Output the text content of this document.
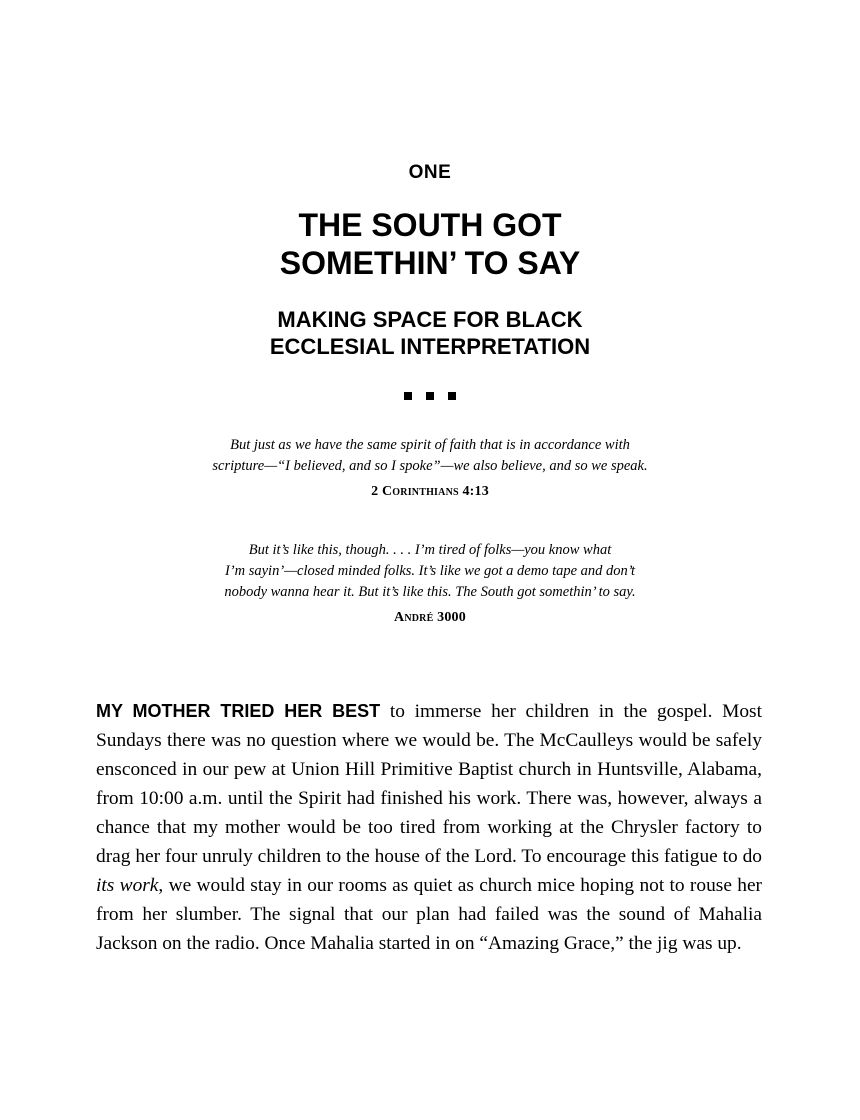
ONE
THE SOUTH GOT
SOMETHIN’ TO SAY
MAKING SPACE FOR BLACK
ECCLESIAL INTERPRETATION
But just as we have the same spirit of faith that is in accordance with
scripture—“I believed, and so I spoke”—we also believe, and so we speak.
2 Corinthians 4:13
But it’s like this, though. . . . I’m tired of folks—you know what
I’m sayin’—closed minded folks. It’s like we got a demo tape and don’t
nobody wanna hear it. But it’s like this. The South got somethin’ to say.
André 3000

MY MOTHER TRIED HER BEST to immerse her children in the gospel. Most Sundays there was no question where we would be. The McCaulleys would be safely ensconced in our pew at Union Hill Primitive Baptist church in Huntsville, Alabama, from 10:00 a.m. until the Spirit had finished his work. There was, however, always a chance that my mother would be too tired from working at the Chrysler factory to drag her four unruly children to the house of the Lord. To encourage this fatigue to do its work, we would stay in our rooms as quiet as church mice hoping not to rouse her from her slumber. The signal that our plan had failed was the sound of Mahalia Jackson on the radio. Once Mahalia started in on “Amazing Grace,” the jig was up.
